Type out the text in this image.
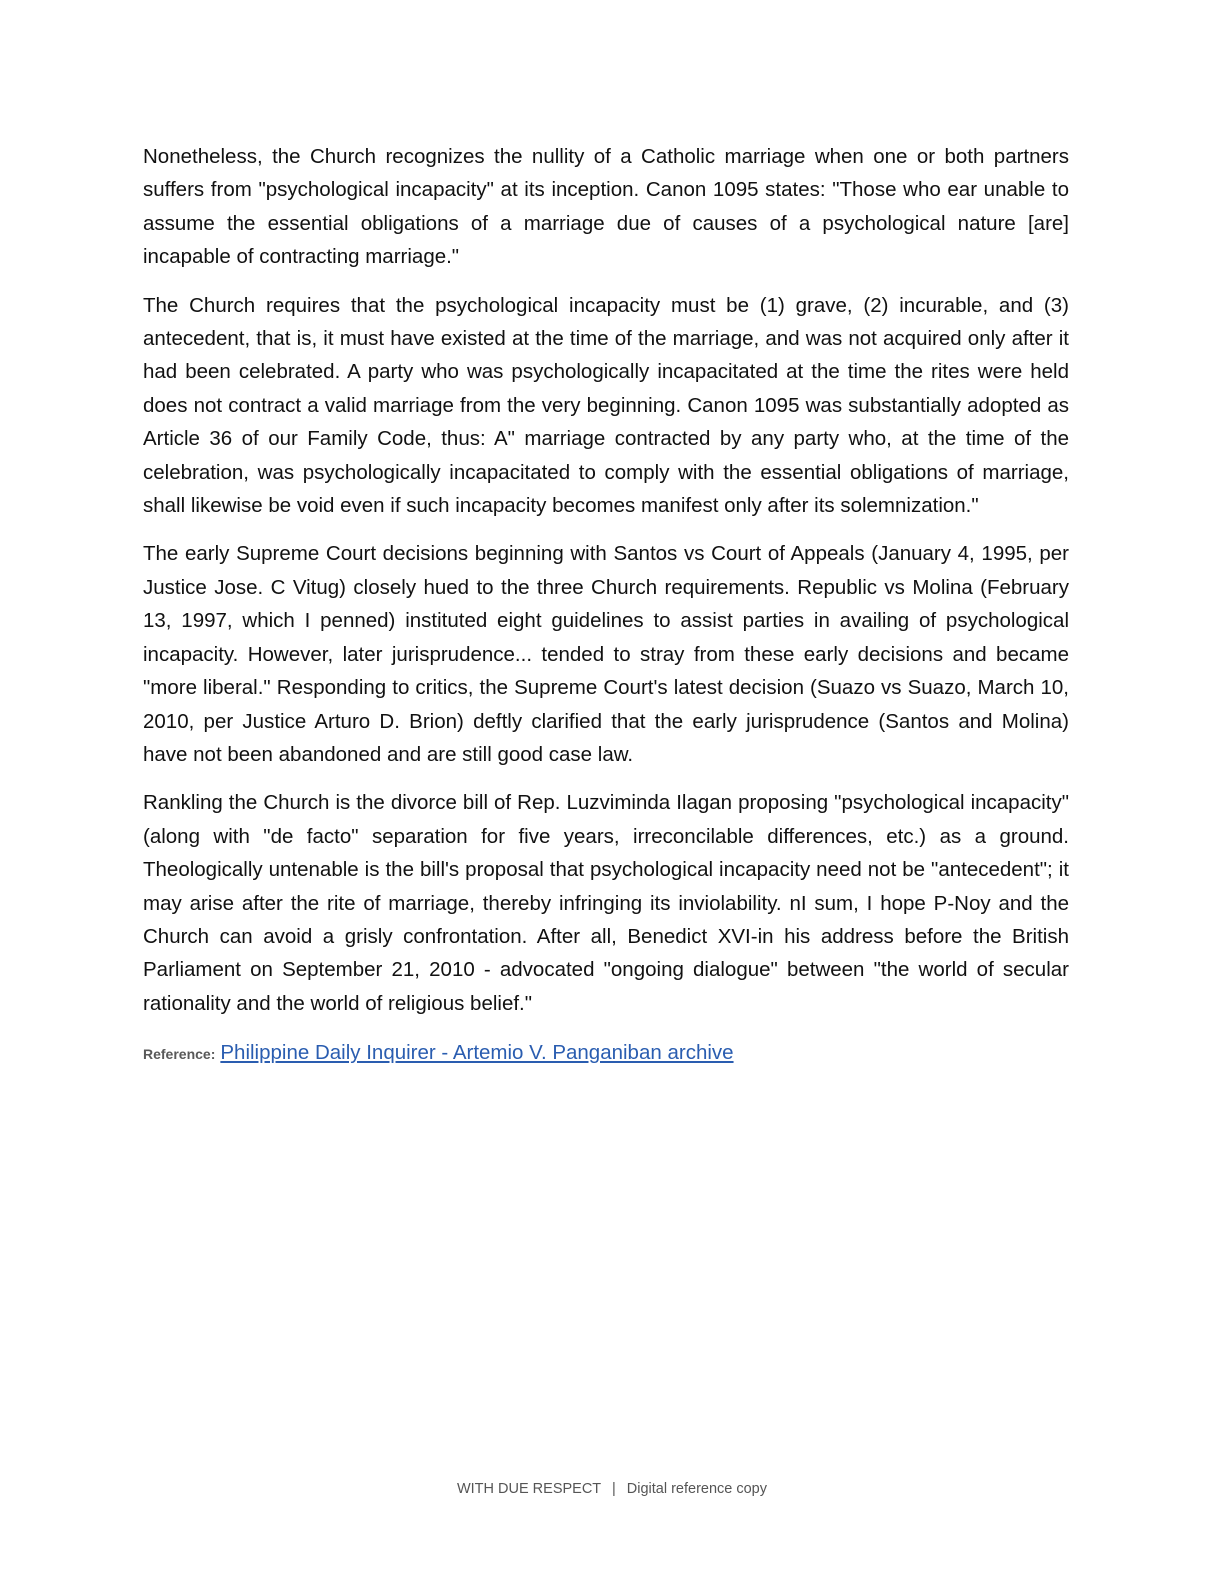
Nonetheless, the Church recognizes the nullity of a Catholic marriage when one or both partners suffers from "psychological incapacity" at its inception. Canon 1095 states: "Those who ear unable to assume the essential obligations of a marriage due of causes of a psychological nature [are] incapable of contracting marriage."

The Church requires that the psychological incapacity must be (1) grave, (2) incurable, and (3) antecedent, that is, it must have existed at the time of the marriage, and was not acquired only after it had been celebrated. A party who was psychologically incapacitated at the time the rites were held does not contract a valid marriage from the very beginning. Canon 1095 was substantially adopted as Article 36 of our Family Code, thus: A" marriage contracted by any party who, at the time of the celebration, was psychologically incapacitated to comply with the essential obligations of marriage, shall likewise be void even if such incapacity becomes manifest only after its solemnization."

The early Supreme Court decisions beginning with Santos vs Court of Appeals (January 4, 1995, per Justice Jose. C Vitug) closely hued to the three Church requirements. Republic vs Molina (February 13, 1997, which I penned) instituted eight guidelines to assist parties in availing of psychological incapacity. However, later jurisprudence... tended to stray from these early decisions and became "more liberal." Responding to critics, the Supreme Court's latest decision (Suazo vs Suazo, March 10, 2010, per Justice Arturo D. Brion) deftly clarified that the early jurisprudence (Santos and Molina) have not been abandoned and are still good case law.

Rankling the Church is the divorce bill of Rep. Luzviminda Ilagan proposing "psychological incapacity" (along with "de facto" separation for five years, irreconcilable differences, etc.) as a ground. Theologically untenable is the bill's proposal that psychological incapacity need not be "antecedent"; it may arise after the rite of marriage, thereby infringing its inviolability. nI sum, I hope P-Noy and the Church can avoid a grisly confrontation. After all, Benedict XVI-in his address before the British Parliament on September 21, 2010 - advocated "ongoing dialogue" between "the world of secular rationality and the world of religious belief."

Reference: Philippine Daily Inquirer - Artemio V. Panganiban archive
WITH DUE RESPECT | Digital reference copy
